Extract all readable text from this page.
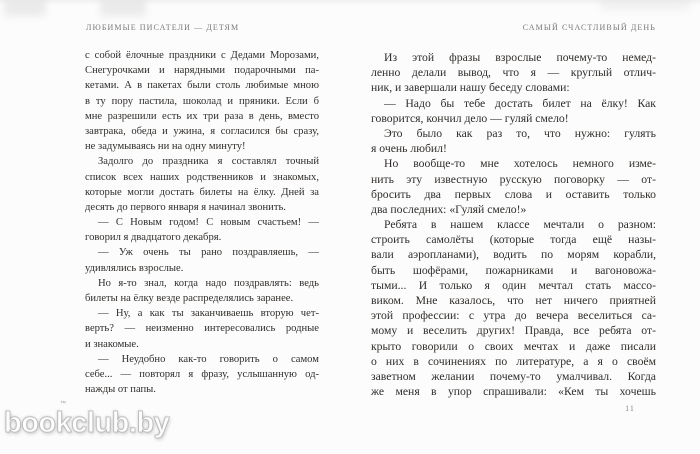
ЛЮБИМЫЕ ПИСАТЕЛИ — ДЕТЯМ
с собой ёлочные праздники с Дедами Морозами,
Снегурочками и нарядными подарочными па-
кетами. А в пакетах были столь любимые мною
в ту пору пастила, шоколад и пряники. Если б
мне разрешили есть их три раза в день, вместо
завтрака, обеда и ужина, я согласился бы сразу,
не задумываясь ни на одну минуту!
Задолго до праздника я составлял точный
список всех наших родственников и знакомых,
которые могли достать билеты на ёлку. Дней за
десять до первого января я начинал звонить.
— С Новым годом! С новым счастьем! —
говорил я двадцатого декабря.
— Уж очень ты рано поздравляешь, —
удивлялись взрослые.
Но я-то знал, когда надо поздравлять: ведь
билеты на ёлку везде распределялись заранее.
— Ну, а как ты заканчиваешь вторую чет-
верть? — неизменно интересовались родные
и знакомые.
— Неудобно как-то говорить о самом
себе... — повторял я фразу, услышанную од-
нажды от папы.
САМЫЙ СЧАСТЛИВЫЙ ДЕНЬ
Из этой фразы взрослые почему-то немед-
ленно делали вывод, что я — круглый отлич-
ник, и завершали нашу беседу словами:
— Надо бы тебе достать билет на ёлку! Как
говорится, кончил дело — гуляй смело!
Это было как раз то, что нужно: гулять
я очень любил!
Но вообще-то мне хотелось немного изме-
нить эту известную русскую поговорку — от-
бросить два первых слова и оставить только
два последних: «Гуляй смело!»
Ребята в нашем классе мечтали о разном:
строить самолёты (которые тогда ещё назы-
вали аэропланами), водить по морям корабли,
быть шофёрами, пожарниками и вагоновожа-
тыми... И только я один мечтал стать массо-
виком. Мне казалось, что нет ничего приятней
этой профессии: с утра до вечера веселиться са-
мому и веселить других! Правда, все ребята от-
крыто говорили о своих мечтах и даже писали
о них в сочинениях по литературе, а я о своём
заветном желании почему-то умалчивал. Когда
же меня в упор спрашивали: «Кем ты хочешь
11
™
bookclub.by
